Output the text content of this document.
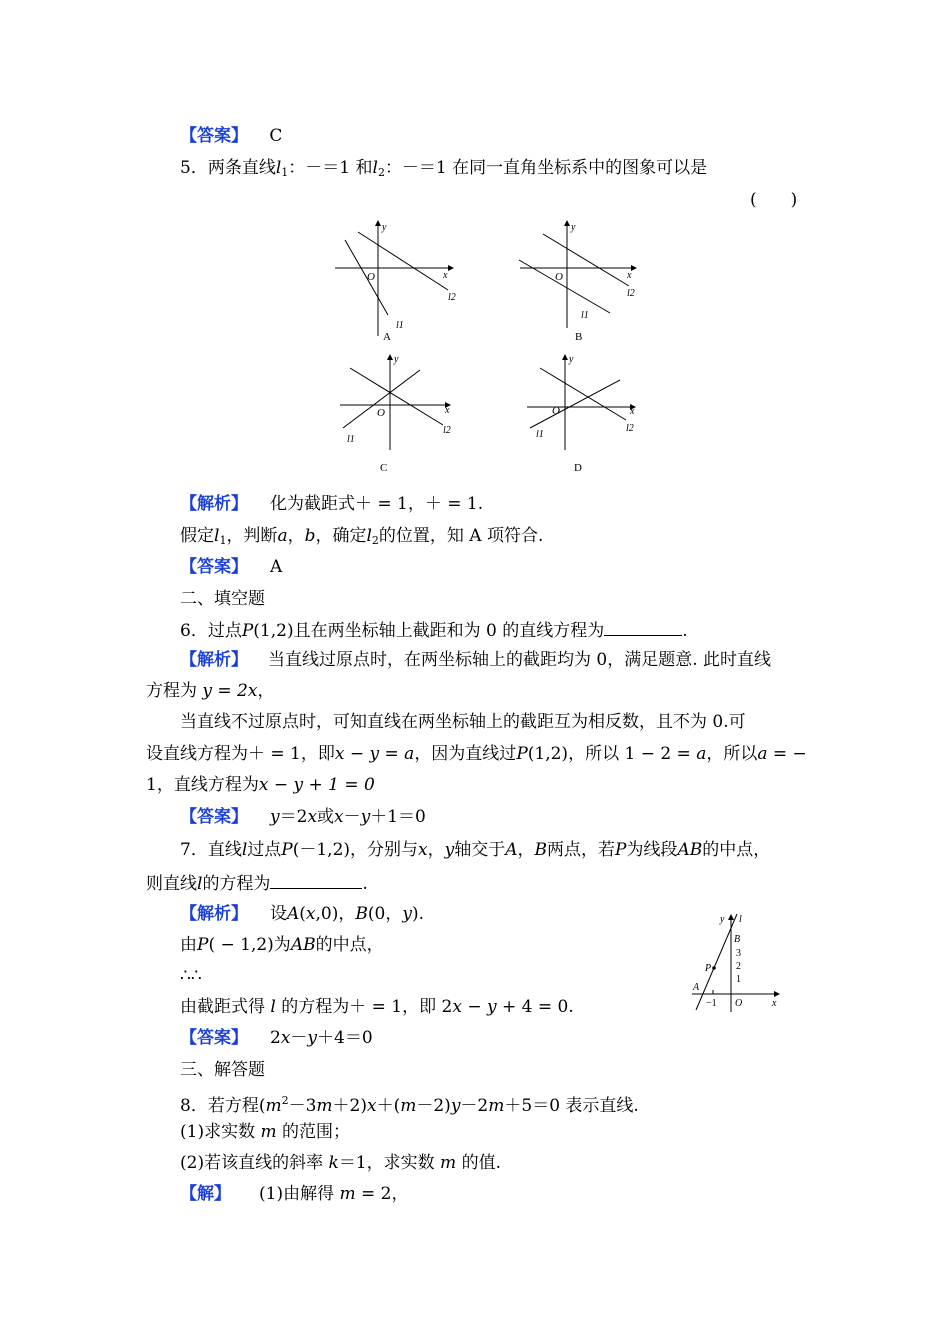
【答案】 C
5．两条直线$l_1$：－＝1 和$l_2$：－＝1 在同一直角坐标系中的图象可以是
(　　)
y
x
O
l2
l1
A
y
x
O
l2
l1
B
y
x
O
l2
l1
C
y
x
O
l2
l1
D
【解析】 化为截距式＋ = 1，＋ = 1.
假定$l_1$，判断a，b，确定$l_2$的位置，知 A 项符合.
【答案】 A
二、填空题
6．过点P(1,2)且在两坐标轴上截距和为 0 的直线方程为	.
【解析】 当直线过原点时，在两坐标轴上的截距均为 0，满足题意. 此时直线
方程为 y = 2x，
当直线不过原点时，可知直线在两坐标轴上的截距互为相反数，且不为 0.可
设直线方程为＋ = 1，即x − y = a，因为直线过P(1,2)，所以 1 − 2 = a，所以a = −
1，直线方程为x − y + 1 = 0
【答案】 y＝2x或x－y＋1＝0
7．直线l过点P(－1,2)，分别与x，y轴交于A，B两点，若P为线段AB的中点，
则直线l的方程为	.
【解析】 设A(x,0)，B(0，y).
由P( − 1,2)为AB的中点，
∴∴
由截距式得 l 的方程为＋ = 1，即 2x − y + 4 = 0.
【答案】 2x－y＋4＝0
y l
B
3
2
1
P
A
−1 O	x
三、解答题
8．若方程$(m^2-3m+2)x+(m-2)y-2m+5=0$ 表示直线.
(1)求实数 m 的范围；
(2)若该直线的斜率 k＝1，求实数 m 的值.
【解】 (1)由解得 m = 2，
